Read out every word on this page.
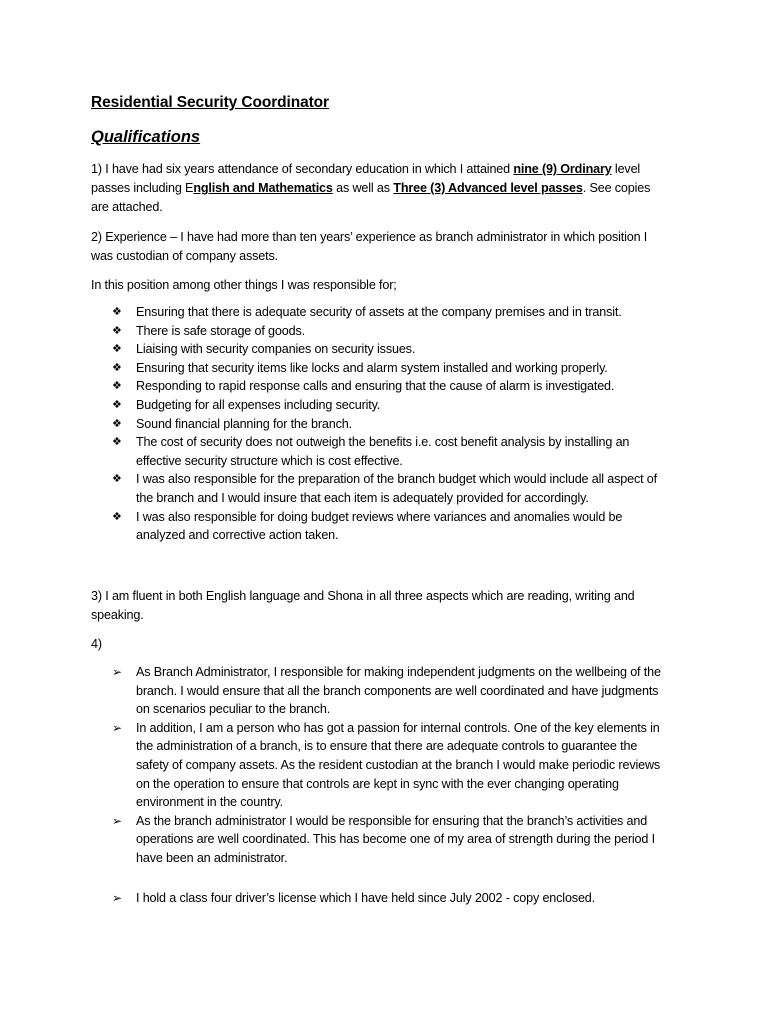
Residential Security Coordinator
Qualifications
1) I have had six years attendance of secondary education in which I attained nine (9) Ordinary level passes including English and Mathematics as well as Three (3) Advanced level passes. See copies are attached.
2) Experience – I have had more than ten years’ experience as branch administrator in which position I was custodian of company assets.
In this position among other things I was responsible for;
❖	Ensuring that there is adequate security of assets at the company premises and in transit.
❖	There is safe storage of goods.
❖	Liaising with security companies on security issues.
❖	Ensuring that security items like locks and alarm system installed and working properly.
❖	Responding to rapid response calls and ensuring that the cause of alarm is investigated.
❖	Budgeting for all expenses including security.
❖	Sound financial planning for the branch.
❖	The cost of security does not outweigh the benefits i.e. cost benefit analysis by installing an effective security structure which is cost effective.
❖	I was also responsible for the preparation of the branch budget which would include all aspect of the branch and I would insure that each item is adequately provided for accordingly.
❖	I was also responsible for doing budget reviews where variances and anomalies would be analyzed and corrective action taken.
3) I am fluent in both English language and Shona in all three aspects which are reading, writing and speaking.
4)
➢	As Branch Administrator, I responsible for making independent judgments on the wellbeing of the branch. I would ensure that all the branch components are well coordinated and have judgments on scenarios peculiar to the branch.
➢	In addition, I am a person who has got a passion for internal controls. One of the key elements in the administration of a branch, is to ensure that there are adequate controls to guarantee the safety of company assets. As the resident custodian at the branch I would make periodic reviews on the operation to ensure that controls are kept in sync with the ever changing operating environment in the country.
➢	As the branch administrator I would be responsible for ensuring that the branch’s activities and operations are well coordinated. This has become one of my area of strength during the period I have been an administrator.
➢	I hold a class four driver’s license which I have held since July 2002 - copy enclosed.
